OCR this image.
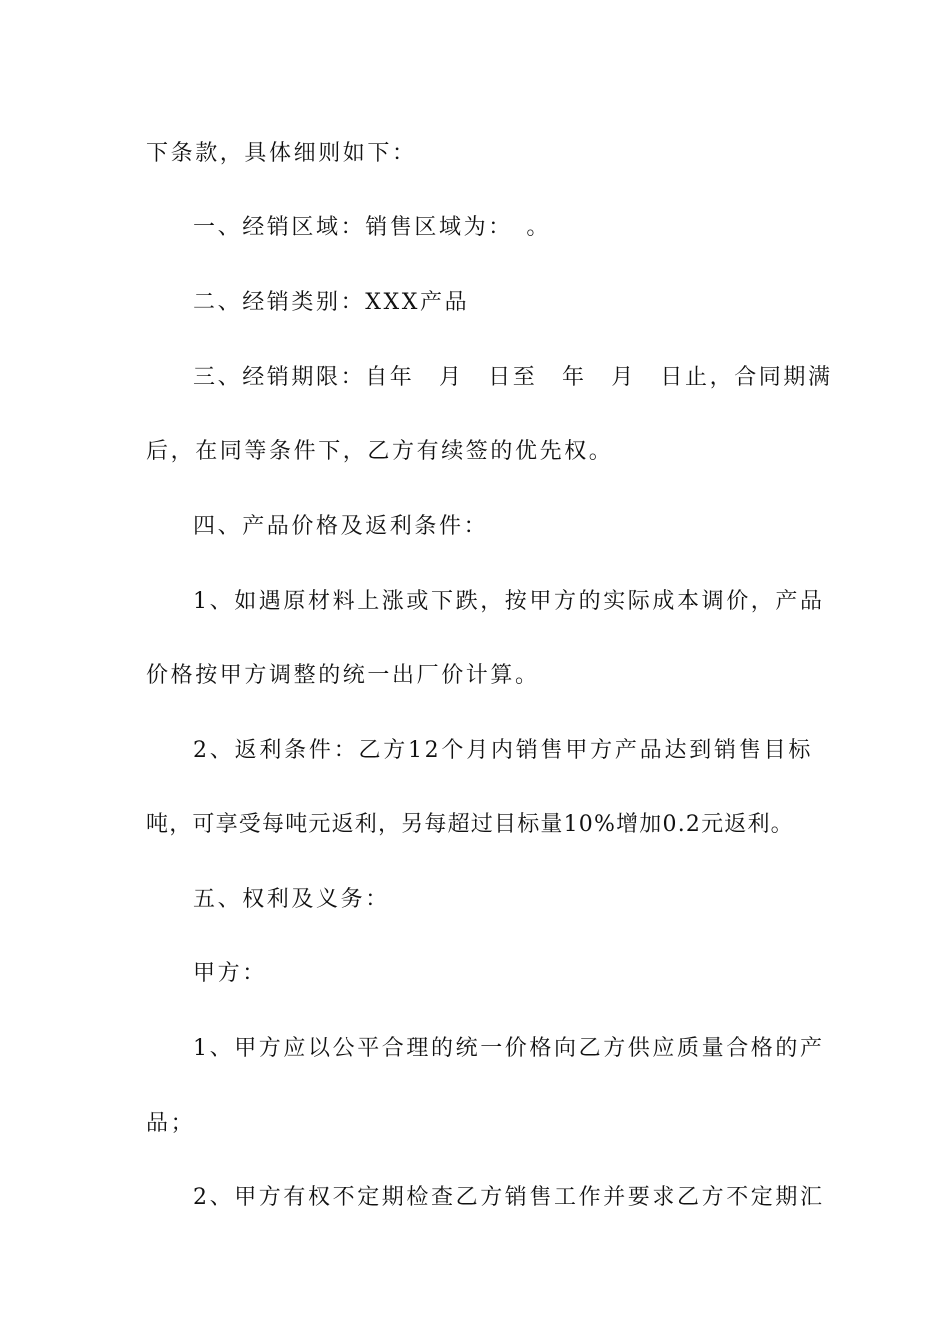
下条款，具体细则如下：
一、经销区域：销售区域为：　。
二、经销类别：XXX产品
三、经销期限：自年　月　日至　年　月　日止，合同期满
后，在同等条件下，乙方有续签的优先权。
四、产品价格及返利条件：
1、如遇原材料上涨或下跌，按甲方的实际成本调价，产品
价格按甲方调整的统一出厂价计算。
2、返利条件：乙方12个月内销售甲方产品达到销售目标
吨，可享受每吨元返利，另每超过目标量10%增加0.2元返利。
五、权利及义务：
甲方：
1、甲方应以公平合理的统一价格向乙方供应质量合格的产
品；
2、甲方有权不定期检查乙方销售工作并要求乙方不定期汇
